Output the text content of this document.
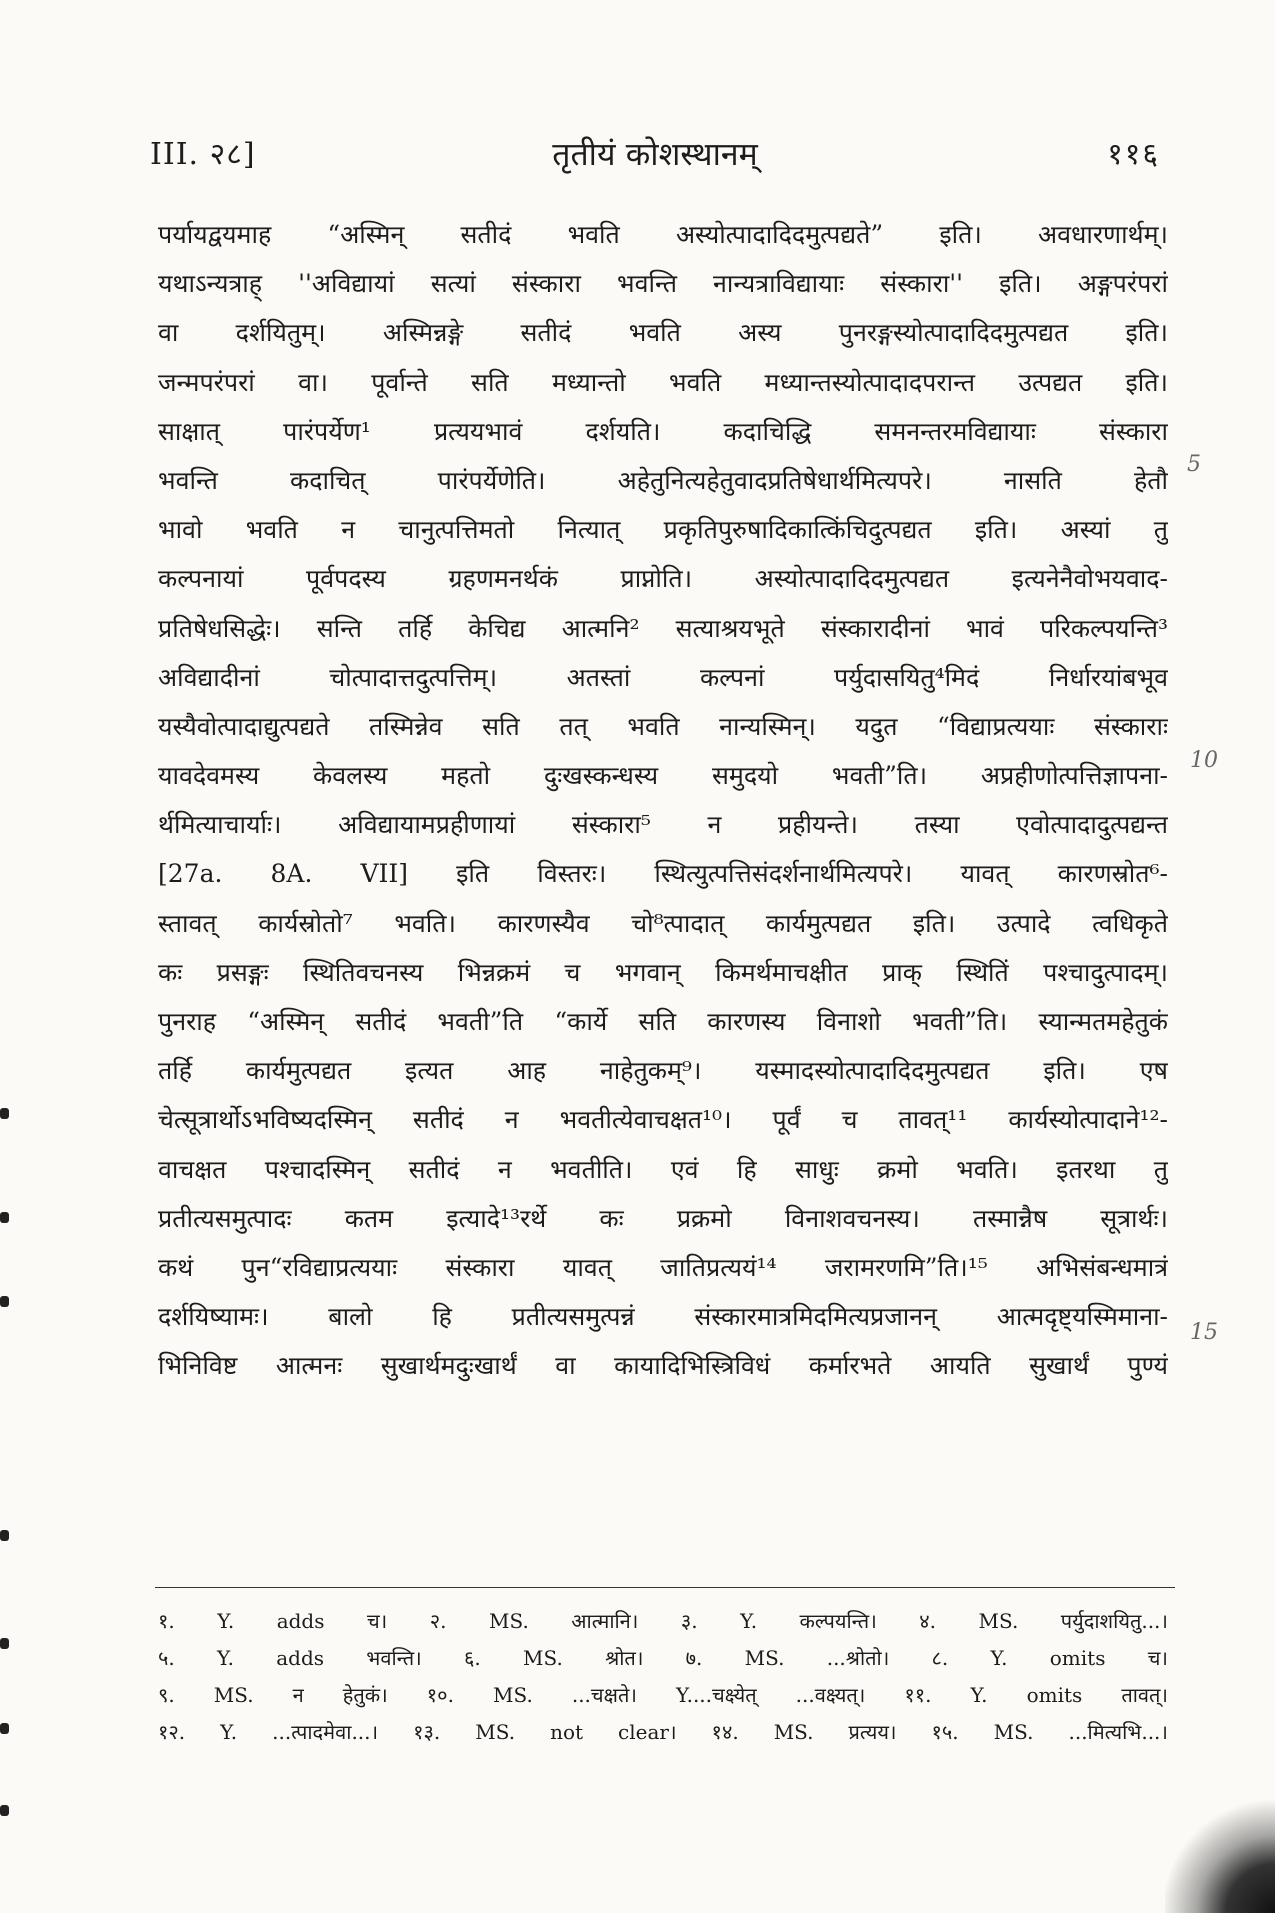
III. २८]	तृतीयं कोशस्थानम्	११६
पर्यायद्वयमाह “अस्मिन् सतीदं भवति अस्योत्पादादिदमुत्पद्यते” इति। अवधारणार्थम्।
यथाऽन्यत्राह् ''अविद्यायां सत्यां संस्कारा भवन्ति नान्यत्राविद्यायाः संस्कारा'' इति। अङ्गपरंपरां
वा दर्शयितुम्। अस्मिन्नङ्गे सतीदं भवति अस्य पुनरङ्गस्योत्पादादिदमुत्पद्यत इति।
जन्मपरंपरां वा। पूर्वान्ते सति मध्यान्तो भवति मध्यान्तस्योत्पादादपरान्त उत्पद्यत इति।
साक्षात् पारंपर्येण¹ प्रत्ययभावं दर्शयति। कदाचिद्धि समनन्तरमविद्यायाः संस्कारा
भवन्ति कदाचित् पारंपर्येणेति। अहेतुनित्यहेतुवादप्रतिषेधार्थमित्यपरे। नासति हेतौ
भावो भवति न चानुत्पत्तिमतो नित्यात् प्रकृतिपुरुषादिकात्किंचिदुत्पद्यत इति। अस्यां तु
कल्पनायां पूर्वपदस्य ग्रहणमनर्थकं प्राप्नोति। अस्योत्पादादिदमुत्पद्यत इत्यनेनैवोभयवाद-
प्रतिषेधसिद्धेः। सन्ति तर्हि केचिद्य आत्मनि² सत्याश्रयभूते संस्कारादीनां भावं परिकल्पयन्ति³
अविद्यादीनां चोत्पादात्तदुत्पत्तिम्। अतस्तां कल्पनां पर्युदासयितु⁴मिदं निर्धारयांबभूव
यस्यैवोत्पादाद्युत्पद्यते तस्मिन्नेव सति तत् भवति नान्यस्मिन्। यदुत “विद्याप्रत्ययाः संस्काराः
यावदेवमस्य केवलस्य महतो दुःखस्कन्धस्य समुदयो भवती”ति। अप्रहीणोत्पत्तिज्ञापना-
र्थमित्याचार्याः। अविद्यायामप्रहीणायां संस्कारा⁵ न प्रहीयन्ते। तस्या एवोत्पादादुत्पद्यन्त
[27a. 8A. VII] इति विस्तरः। स्थित्युत्पत्तिसंदर्शनार्थमित्यपरे। यावत् कारणस्रोत⁶-
स्तावत् कार्यस्रोतो⁷ भवति। कारणस्यैव चो⁸त्पादात् कार्यमुत्पद्यत इति। उत्पादे त्वधिकृते
कः प्रसङ्गः स्थितिवचनस्य भिन्नक्रमं च भगवान् किमर्थमाचक्षीत प्राक् स्थितिं पश्चादुत्पादम्।
पुनराह “अस्मिन् सतीदं भवती”ति “कार्ये सति कारणस्य विनाशो भवती”ति। स्यान्मतमहेतुकं
तर्हि कार्यमुत्पद्यत इत्यत आह नाहेतुकम्⁹। यस्मादस्योत्पादादिदमुत्पद्यत इति। एष
चेत्सूत्रार्थोऽभविष्यदस्मिन् सतीदं न भवतीत्येवाचक्षत¹⁰। पूर्वं च तावत्¹¹ कार्यस्योत्पादाने¹²-
वाचक्षत पश्चादस्मिन् सतीदं न भवतीति। एवं हि साधुः क्रमो भवति। इतरथा तु
प्रतीत्यसमुत्पादः कतम इत्यादे¹³रर्थे कः प्रक्रमो विनाशवचनस्य। तस्मान्नैष सूत्रार्थः।
कथं पुन“रविद्याप्रत्ययाः संस्कारा यावत् जातिप्रत्ययं¹⁴ जरामरणमि”ति।¹⁵ अभिसंबन्धमात्रं
दर्शयिष्यामः। बालो हि प्रतीत्यसमुत्पन्नं संस्कारमात्रमिदमित्यप्रजानन् आत्मदृष्ट्यस्मिमाना-
भिनिविष्ट आत्मनः सुखार्थमदुःखार्थं वा कायादिभिस्त्रिविधं कर्मारभते आयति सुखार्थं पुण्यं
5
10
15
१. Y. adds च। २. MS. आत्मानि। ३. Y. कल्पयन्ति। ४. MS. पर्युदाशयितु...।
५. Y. adds भवन्ति। ६. MS. श्रोत। ७. MS. ...श्रोतो। ८. Y. omits च।
९. MS. न हेतुकं। १०. MS. ...चक्षते। Y....चक्ष्येत् ...वक्ष्यत्। ११. Y. omits तावत्।
१२. Y. ...त्पादमेवा...। १३. MS. not clear। १४. MS. प्रत्यय। १५. MS. ...मित्यभि...।
